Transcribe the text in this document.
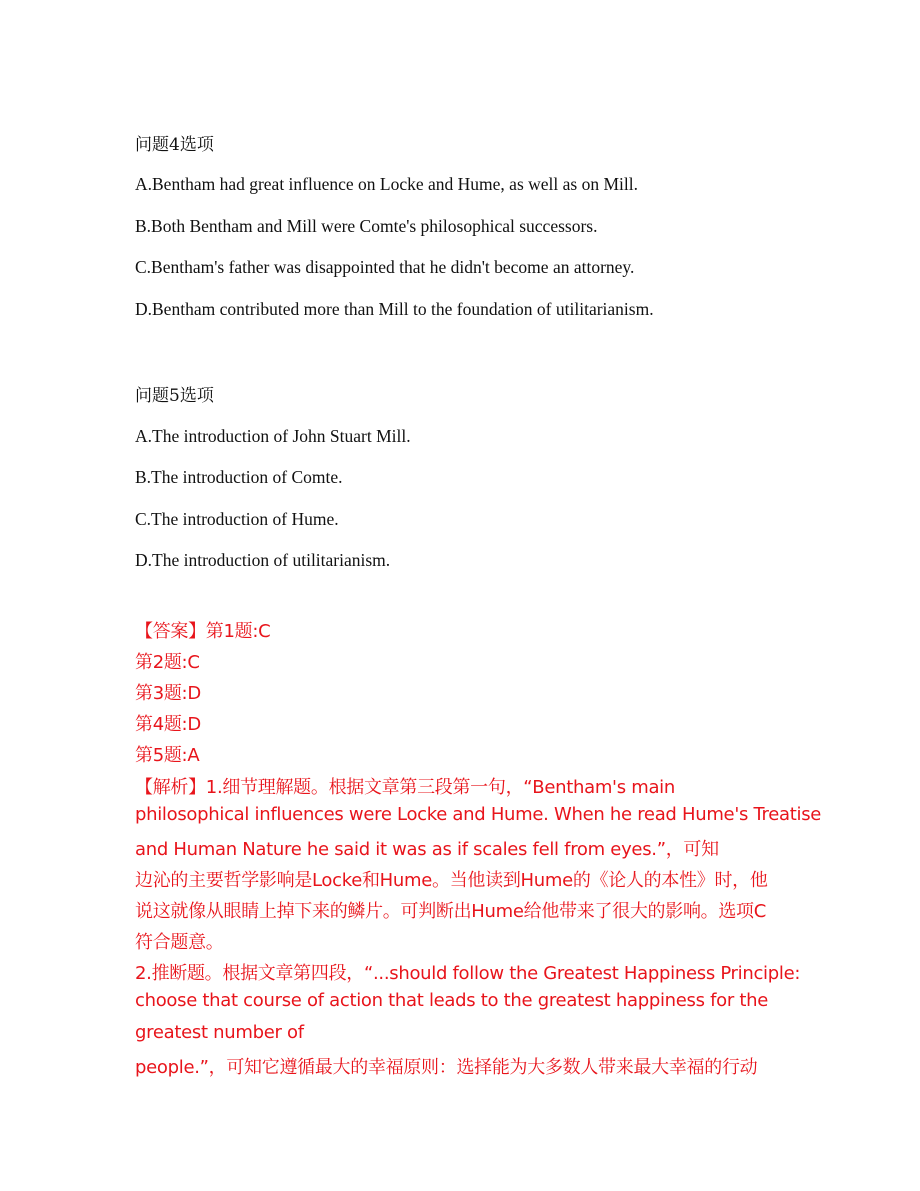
问题4选项
A.Bentham had great influence on Locke and Hume, as well as on Mill.
B.Both Bentham and Mill were Comte's philosophical successors.
C.Bentham's father was disappointed that he didn't become an attorney.
D.Bentham contributed more than Mill to the foundation of utilitarianism.
问题5选项
A.The introduction of John Stuart Mill.
B.The introduction of Comte.
C.The introduction of Hume.
D.The introduction of utilitarianism.
【答案】第1题:C
第2题:C
第3题:D
第4题:D
第5题:A
【解析】1.细节理解题。根据文章第三段第一句，“Bentham's main
philosophical influences were Locke and Hume. When he read Hume's Treatise
and Human Nature he said it was as if scales fell from eyes.”，可知
边沁的主要哲学影响是Locke和Hume。当他读到Hume的《论人的本性》时，他
说这就像从眼睛上掉下来的鳞片。可判断出Hume给他带来了很大的影响。选项C
符合题意。
2.推断题。根据文章第四段，“...should follow the Greatest Happiness Principle:
choose that course of action that leads to the greatest happiness for the
greatest number of
people.”，可知它遵循最大的幸福原则：选择能为大多数人带来最大幸福的行动
